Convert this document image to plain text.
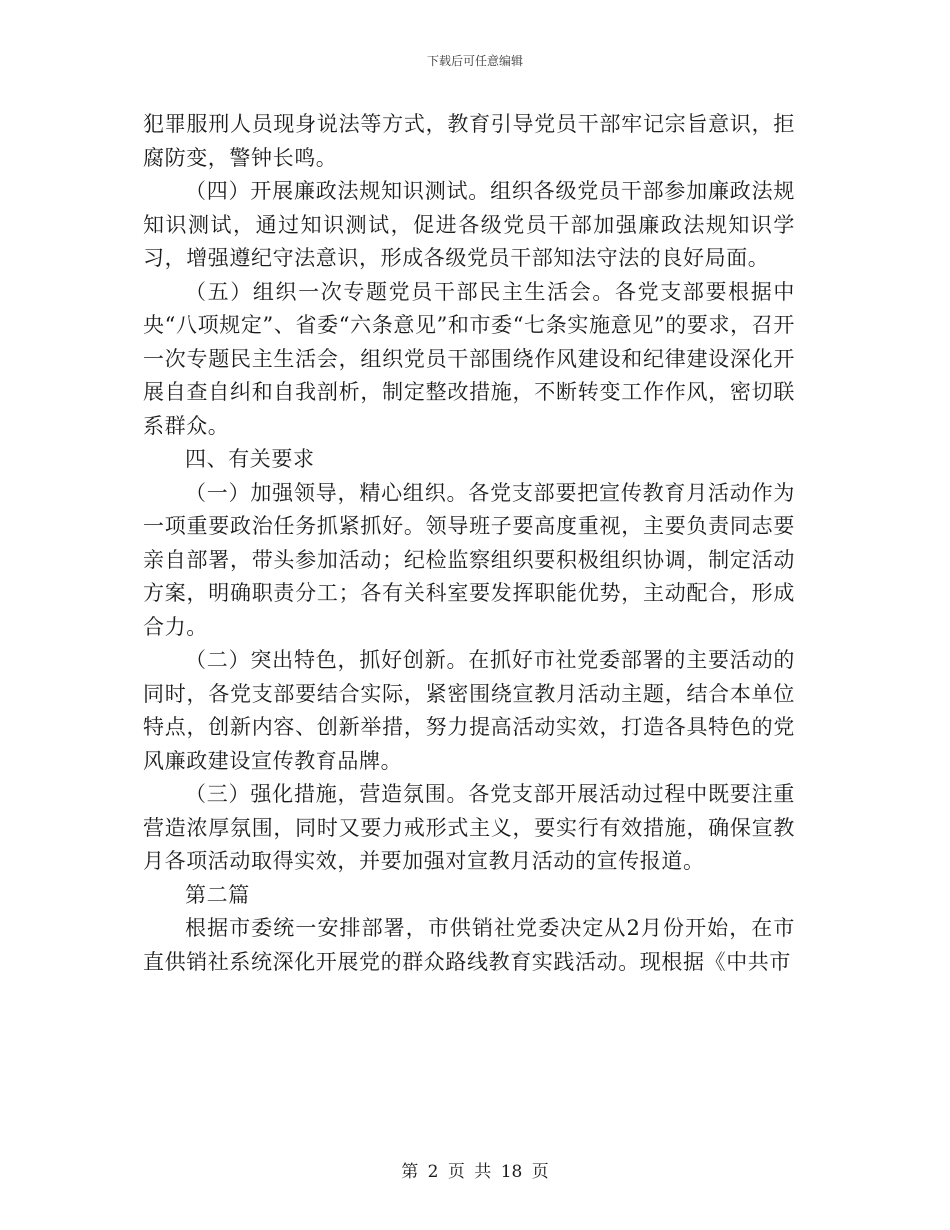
下载后可任意编辑

犯罪服刑人员现身说法等方式，教育引导党员干部牢记宗旨意识，拒腐防变，警钟长鸣。

（四）开展廉政法规知识测试。组织各级党员干部参加廉政法规知识测试，通过知识测试，促进各级党员干部加强廉政法规知识学习，增强遵纪守法意识，形成各级党员干部知法守法的良好局面。

（五）组织一次专题党员干部民主生活会。各党支部要根据中央“八项规定”、省委“六条意见”和市委“七条实施意见”的要求，召开一次专题民主生活会，组织党员干部围绕作风建设和纪律建设深化开展自查自纠和自我剖析，制定整改措施，不断转变工作作风，密切联系群众。

四、有关要求

（一）加强领导，精心组织。各党支部要把宣传教育月活动作为一项重要政治任务抓紧抓好。领导班子要高度重视，主要负责同志要亲自部署，带头参加活动；纪检监察组织要积极组织协调，制定活动方案，明确职责分工；各有关科室要发挥职能优势，主动配合，形成合力。

（二）突出特色，抓好创新。在抓好市社党委部署的主要活动的同时，各党支部要结合实际，紧密围绕宣教月活动主题，结合本单位特点，创新内容、创新举措，努力提高活动实效，打造各具特色的党风廉政建设宣传教育品牌。

（三）强化措施，营造氛围。各党支部开展活动过程中既要注重营造浓厚氛围，同时又要力戒形式主义，要实行有效措施，确保宣教月各项活动取得实效，并要加强对宣教月活动的宣传报道。

第二篇

根据市委统一安排部署，市供销社党委决定从2月份开始，在市直供销社系统深化开展党的群众路线教育实践活动。现根据《中共市

第 2 页 共 18 页
